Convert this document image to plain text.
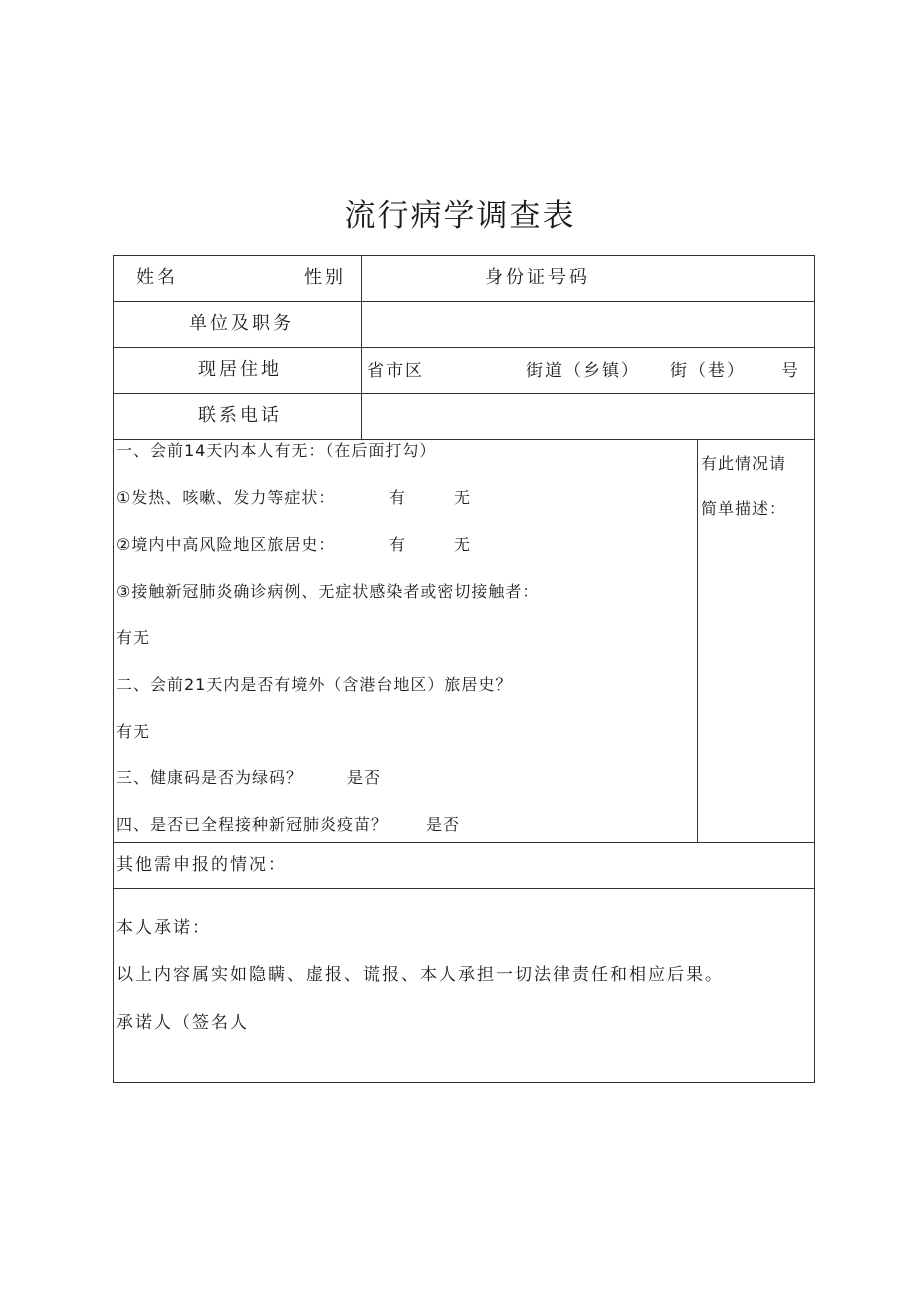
流行病学调查表
姓名	性别	身份证号码
单位及职务
现居住地	省市区	街道（乡镇） 街（巷） 号
联系电话
一、会前14天内本人有无：（在后面打勾）
①发热、咳嗽、发力等症状：	有	无
②境内中高风险地区旅居史：	有	无
③接触新冠肺炎确诊病例、无症状感染者或密切接触者：
有无
二、会前21天内是否有境外（含港台地区）旅居史？
有无
三、健康码是否为绿码？	是否
四、是否已全程接种新冠肺炎疫苗？ 是否
有此情况请
简单描述：
其他需申报的情况：
本人承诺：
以上内容属实如隐瞒、虚报、谎报、本人承担一切法律责任和相应后果。
承诺人（签名人
